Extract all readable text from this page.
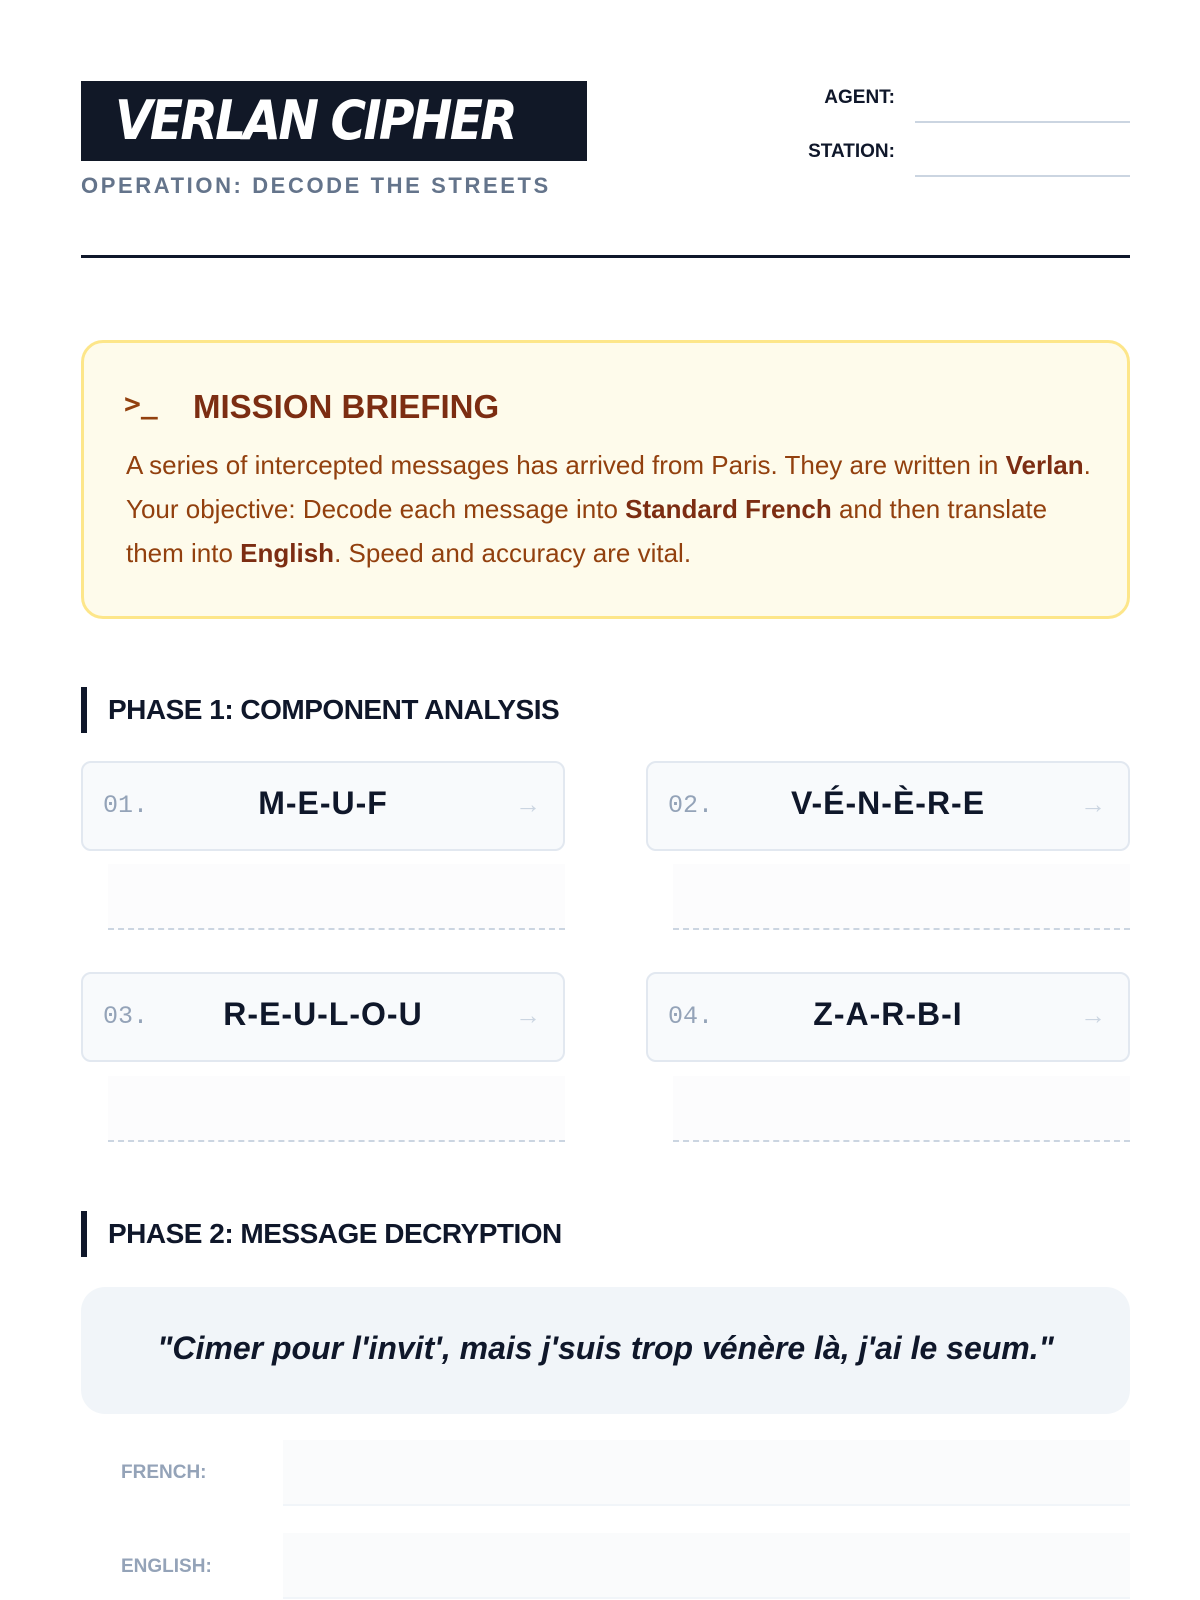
VERLAN CIPHER
OPERATION: DECODE THE STREETS
AGENT:
STATION:
>_ MISSION BRIEFING
A series of intercepted messages has arrived from Paris. They are written in Verlan. Your objective: Decode each message into Standard French and then translate them into English. Speed and accuracy are vital.
PHASE 1: COMPONENT ANALYSIS
01.	M-E-U-F	→	02.	V-É-N-È-R-E	→
03.	R-E-U-L-O-U	→	04.	Z-A-R-B-I	→
PHASE 2: MESSAGE DECRYPTION
"Cimer pour l'invit', mais j'suis trop vénère là, j'ai le seum."
FRENCH:
ENGLISH:
